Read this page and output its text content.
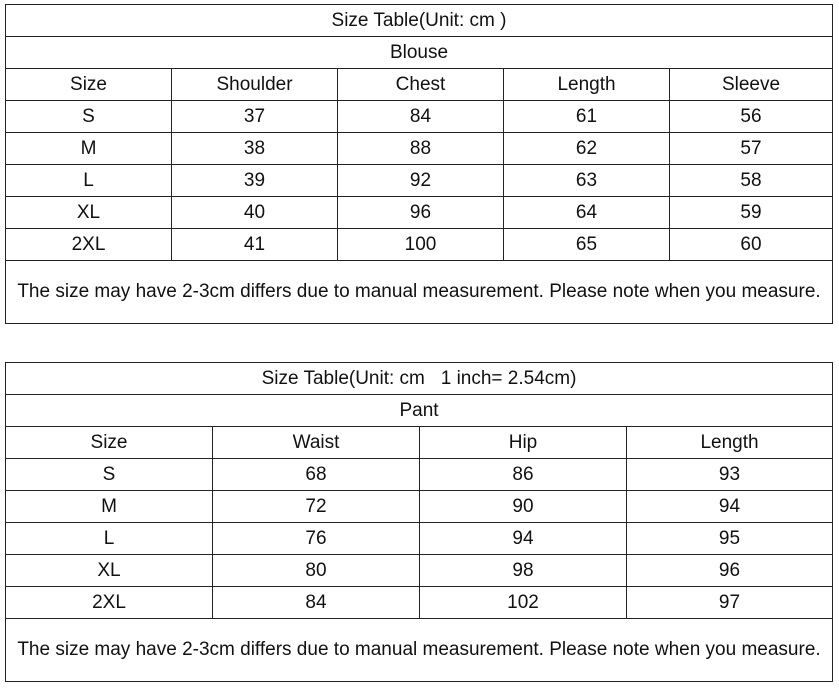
Size Table(Unit: cm )				
Blouse				
Size	Shoulder	Chest	Length	Sleeve
S	37	84	61	56
M	38	88	62	57
L	39	92	63	58
XL	40	96	64	59
2XL	41	100	65	60
The size may have 2-3cm differs due to manual measurement. Please note when you measure.				
Size Table(Unit: cm   1 inch= 2.54cm)			
Pant			
Size	Waist	Hip	Length
S	68	86	93
M	72	90	94
L	76	94	95
XL	80	98	96
2XL	84	102	97
The size may have 2-3cm differs due to manual measurement. Please note when you measure.			
